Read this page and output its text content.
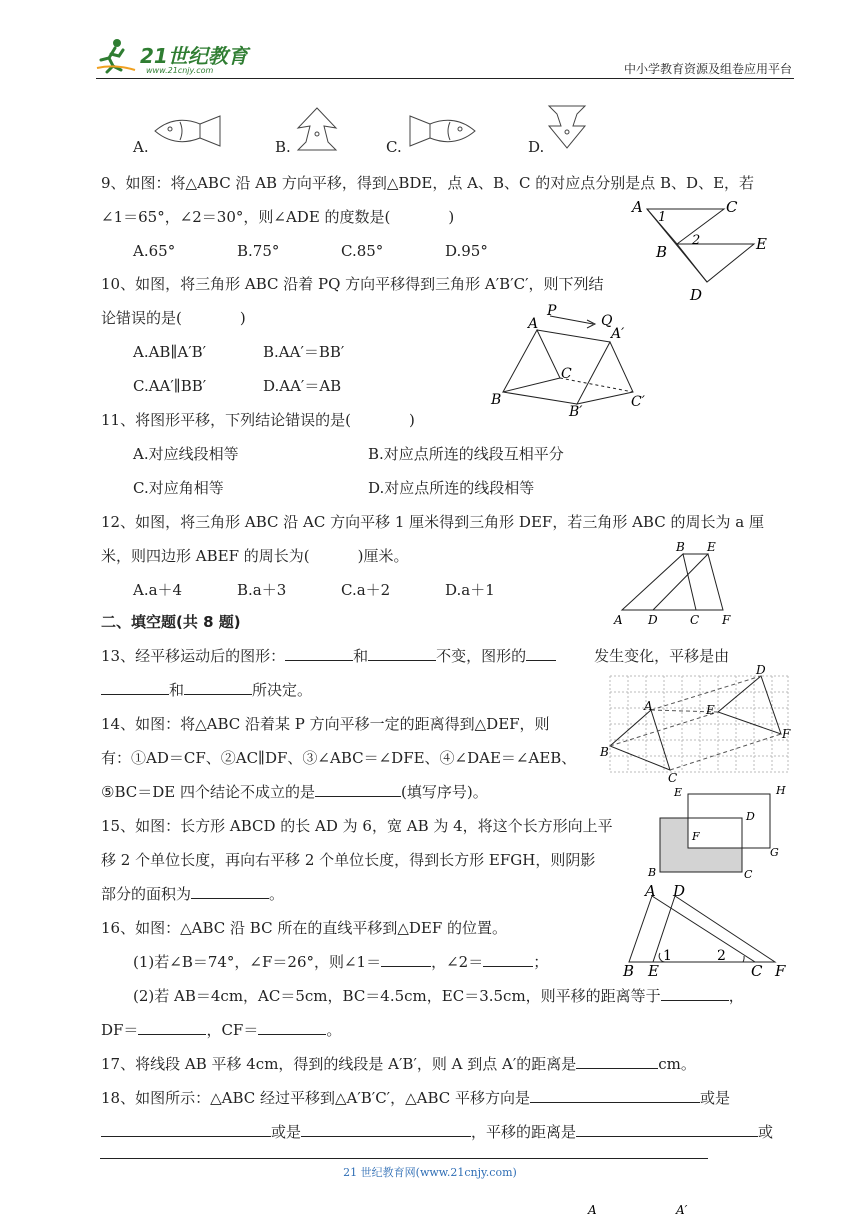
21世纪教育
www.21cnjy.com	中小学教育资源及组卷应用平台
A.	B.	C.	D.
9、如图：将△ABC 沿 AB 方向平移，得到△BDE，点 A、B、C 的对应点分别是点 B、D、E，若
∠1＝65°，∠2＝30°，则∠ADE 的度数是(	)
A.65°	B.75°	C.85°	D.95°
A	C
1
2
B	E
D
10、如图，将三角形 ABC 沿着 PQ 方向平移得到三角形 A′B′C′，则下列结
论错误的是(	)
A.AB∥A′B′	B.AA′＝BB′
C.AA′∥BB′	D.AA′＝AB
P
Q
A
A′
C
B
B′
C′
11、将图形平移，下列结论错误的是(	)
A.对应线段相等	B.对应点所连的线段互相平分
C.对应角相等	D.对应点所连的线段相等
12、如图，将三角形 ABC 沿 AC 方向平移 1 厘米得到三角形 DEF，若三角形 ABC 的周长为 a 厘
米，则四边形 ABEF 的周长为(	)厘米。
A.a＋4	B.a＋3	C.a＋2	D.a＋1
B E
A D	C F
二、填空题(共 8 题)
13、经平移运动后的图形：	和	不变，图形的	发生变化，平移是由
和	所决定。
14、如图：将△ABC 沿着某 P 方向平移一定的距离得到△DEF，则
有：①AD＝CF、②AC∥DF、③∠ABC＝∠DFE、④∠DAE＝∠AEB、
⑤BC＝DE 四个结论不成立的是	(填写序号)。
D
A	E
F
B
C
15、如图：长方形 ABCD 的长 AD 为 6，宽 AB 为 4，将这个长方形向上平
移 2 个单位长度，再向右平移 2 个单位长度，得到长方形 EFGH，则阴影
部分的面积为	。
E	H
D
F
G
B	C
16、如图：△ABC 沿 BC 所在的直线平移到△DEF 的位置。
(1)若∠B＝74°，∠F＝26°，则∠1＝	，∠2＝	；
(2)若 AB＝4cm，AC＝5cm，BC＝4.5cm，EC＝3.5cm，则平移的距离等于	，
DF＝	，CF＝	。
A D
1	2
B E	C F
17、将线段 AB 平移 4cm，得到的线段是 A′B′，则 A 到点 A′的距离是	cm。
18、如图所示：△ABC 经过平移到△A′B′C′，△ABC 平移方向是	或是
或是	，平移的距离是	或
21 世纪教育网(www.21cnjy.com)
A	A′
